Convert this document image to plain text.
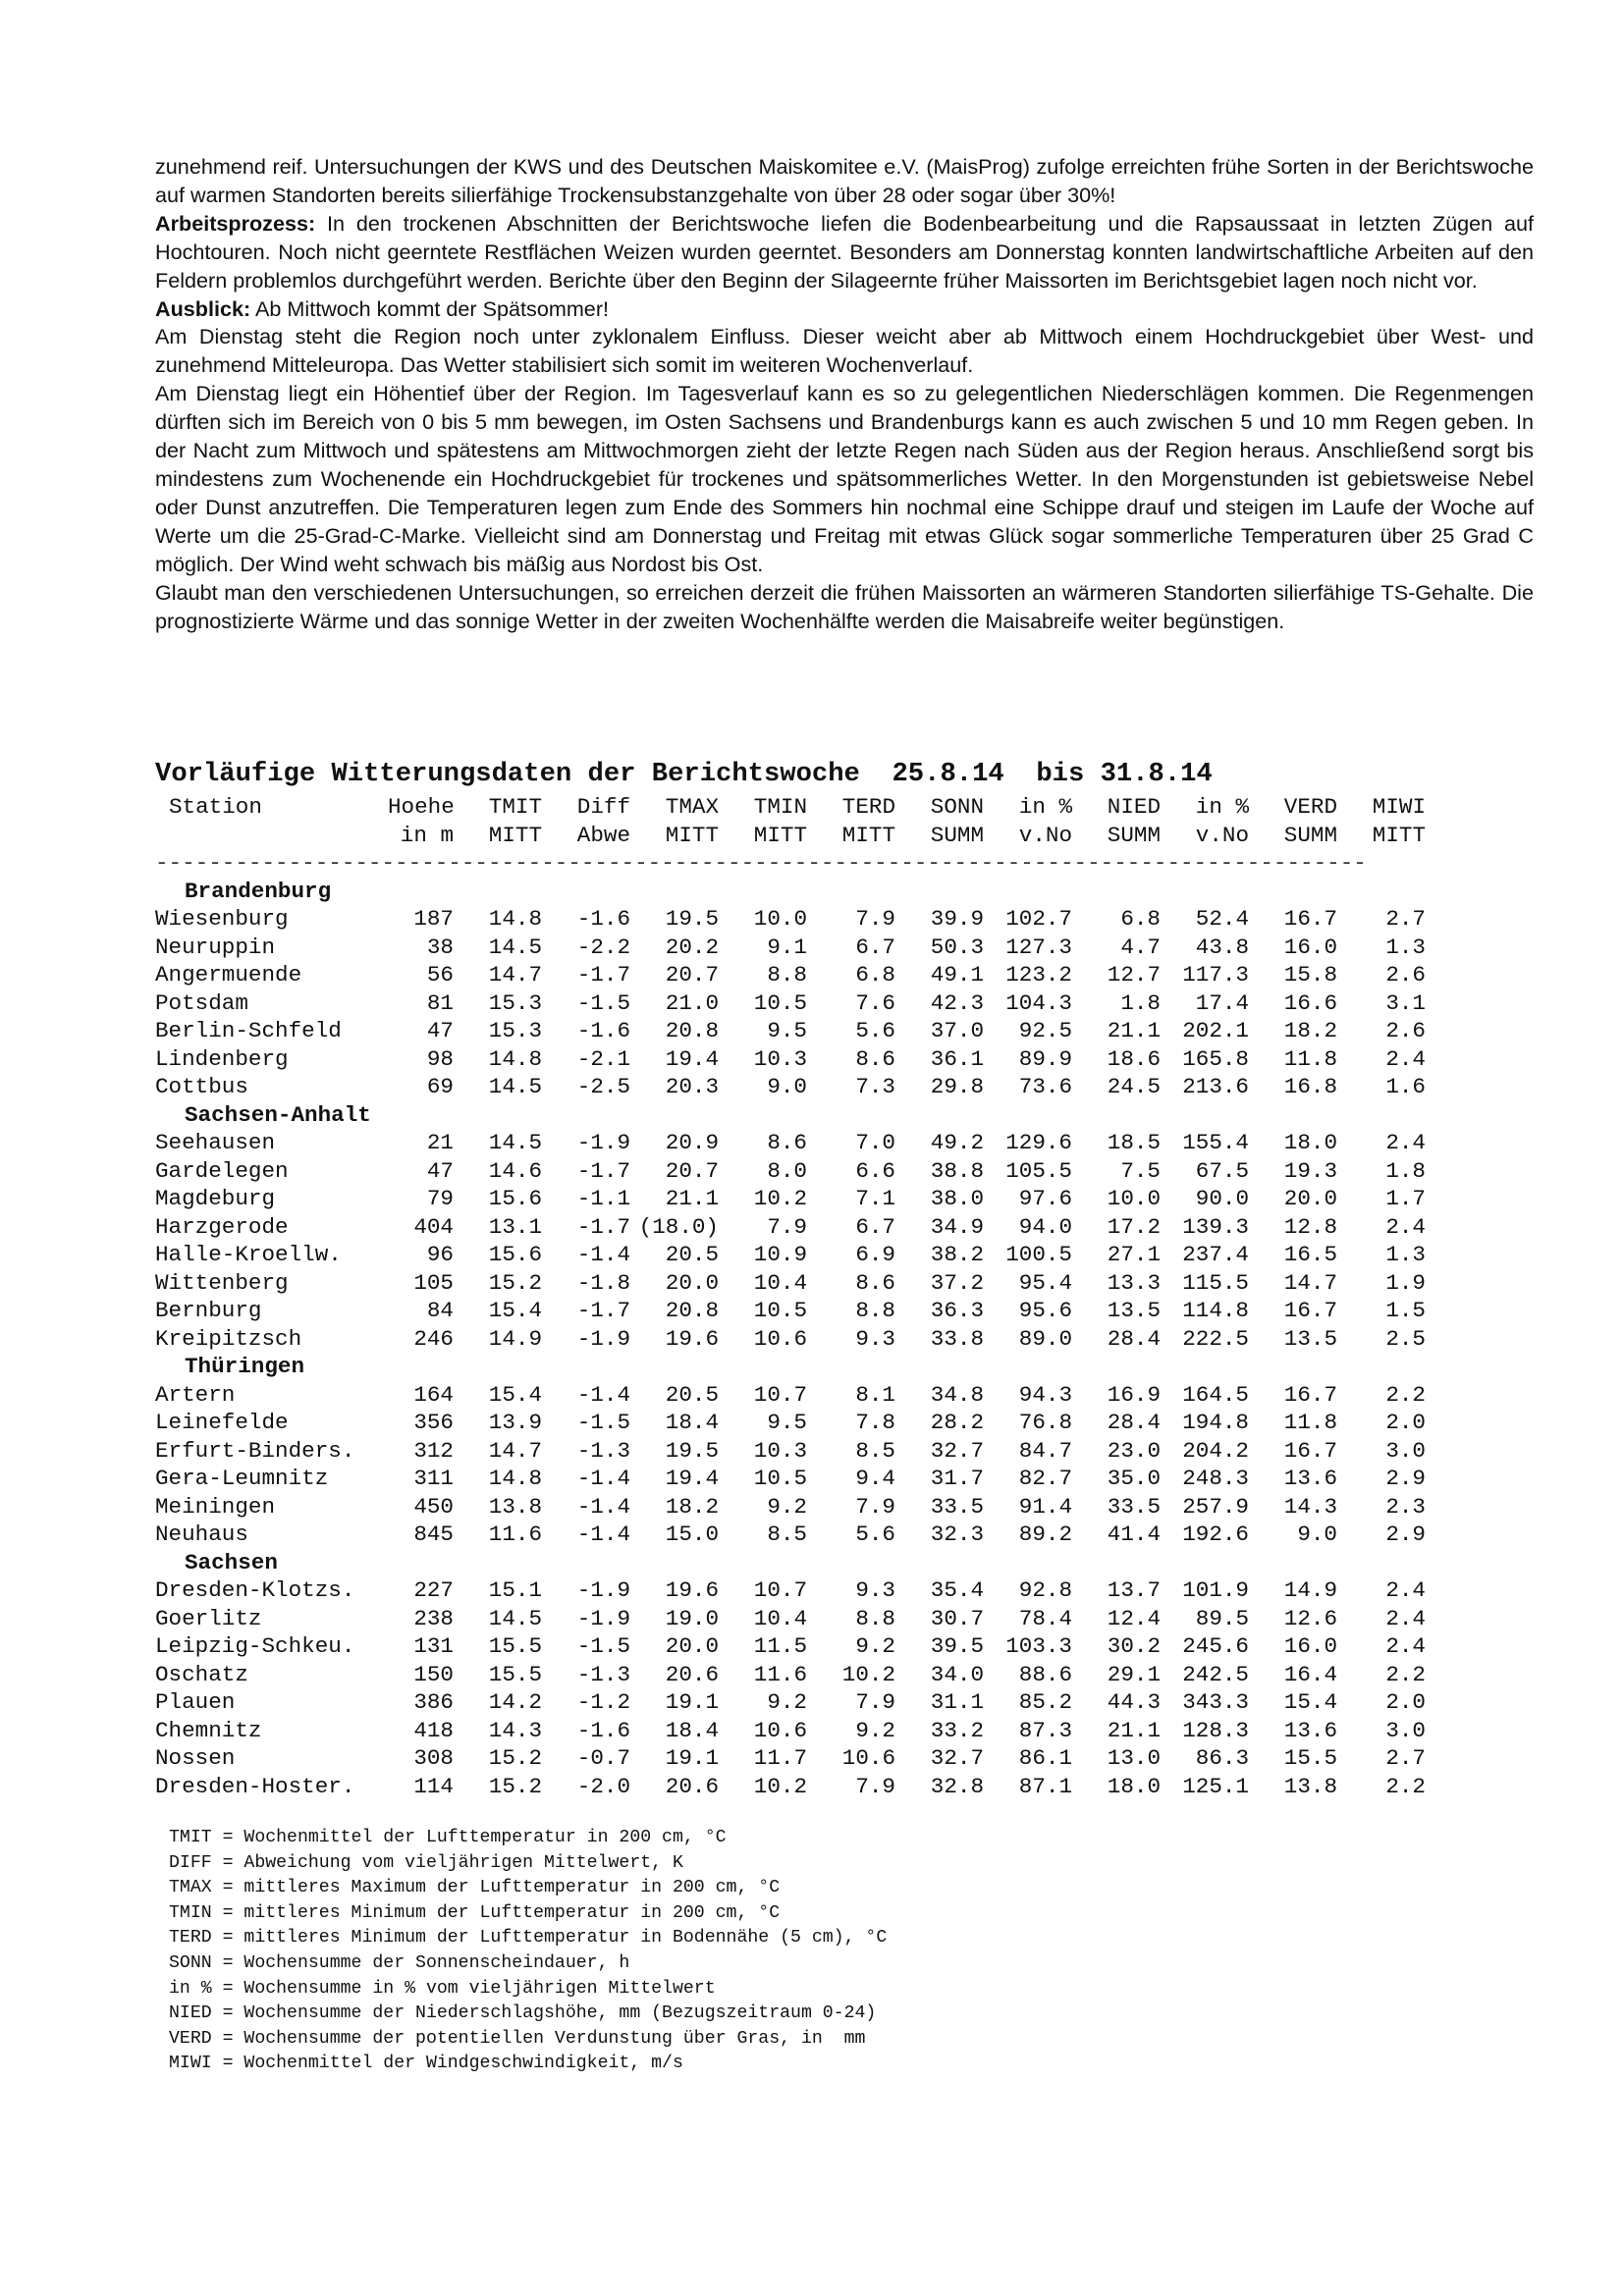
zunehmend reif. Untersuchungen der KWS und des Deutschen Maiskomitee e.V. (MaisProg) zufolge erreichten frühe Sorten in der Berichtswoche auf warmen Standorten bereits silierfähige Trockensubstanzgehalte von über 28 oder sogar über 30%!

Arbeitsprozess: In den trockenen Abschnitten der Berichtswoche liefen die Bodenbearbeitung und die Rapsaussaat in letzten Zügen auf Hochtouren. Noch nicht geerntete Restflächen Weizen wurden geerntet. Besonders am Donnerstag konnten landwirtschaftliche Arbeiten auf den Feldern problemlos durchgeführt werden. Berichte über den Beginn der Silageernte früher Maissorten im Berichtsgebiet lagen noch nicht vor.

Ausblick: Ab Mittwoch kommt der Spätsommer!

Am Dienstag steht die Region noch unter zyklonalem Einfluss. Dieser weicht aber ab Mittwoch einem Hochdruckgebiet über West- und zunehmend Mitteleuropa. Das Wetter stabilisiert sich somit im weiteren Wochenverlauf.

Am Dienstag liegt ein Höhentief über der Region. Im Tagesverlauf kann es so zu gelegentlichen Niederschlägen kommen. Die Regenmengen dürften sich im Bereich von 0 bis 5 mm bewegen, im Osten Sachsens und Brandenburgs kann es auch zwischen 5 und 10 mm Regen geben. In der Nacht zum Mittwoch und spätestens am Mittwochmorgen zieht der letzte Regen nach Süden aus der Region heraus. Anschließend sorgt bis mindestens zum Wochenende ein Hochdruckgebiet für trockenes und spätsommerliches Wetter. In den Morgenstunden ist gebietsweise Nebel oder Dunst anzutreffen. Die Temperaturen legen zum Ende des Sommers hin nochmal eine Schippe drauf und steigen im Laufe der Woche auf Werte um die 25-Grad-C-Marke. Vielleicht sind am Donnerstag und Freitag mit etwas Glück sogar sommerliche Temperaturen über 25 Grad C möglich. Der Wind weht schwach bis mäßig aus Nordost bis Ost.

Glaubt man den verschiedenen Untersuchungen, so erreichen derzeit die frühen Maissorten an wärmeren Standorten silierfähige TS-Gehalte. Die prognostizierte Wärme und das sonnige Wetter in der zweiten Wochenhälfte werden die Maisabreife weiter begünstigen.

Vorläufige Witterungsdaten der Berichtswoche  25.8.14  bis 31.8.14
Station	Hoehe	TMIT	Diff	TMAX	TMIN	TERD	SONN	in %	NIED	in %	VERD	MIWI
in m	MITT	Abwe	MITT	MITT	MITT	SUMM	v.No	SUMM	v.No	SUMM	MITT
-------------------------------------------------------------------------------------------
Brandenburg
Wiesenburg	187	14.8	-1.6	19.5	10.0	7.9	39.9 102.7	6.8	52.4	16.7	2.7
Neuruppin	38	14.5	-2.2	20.2	9.1	6.7	50.3 127.3	4.7	43.8	16.0	1.3
Angermuende	56	14.7	-1.7	20.7	8.8	6.8	49.1 123.2	12.7 117.3	15.8	2.6
Potsdam	81	15.3	-1.5	21.0	10.5	7.6	42.3 104.3	1.8	17.4	16.6	3.1
Berlin-Schfeld	47	15.3	-1.6	20.8	9.5	5.6	37.0	92.5	21.1 202.1	18.2	2.6
Lindenberg	98	14.8	-2.1	19.4	10.3	8.6	36.1	89.9	18.6 165.8	11.8	2.4
Cottbus	69	14.5	-2.5	20.3	9.0	7.3	29.8	73.6	24.5 213.6	16.8	1.6
Sachsen-Anhalt
Seehausen	21	14.5	-1.9	20.9	8.6	7.0	49.2 129.6	18.5 155.4	18.0	2.4
Gardelegen	47	14.6	-1.7	20.7	8.0	6.6	38.8 105.5	7.5	67.5	19.3	1.8
Magdeburg	79	15.6	-1.1	21.1	10.2	7.1	38.0	97.6	10.0	90.0	20.0	1.7
Harzgerode	404	13.1	-1.7 (18.0)	7.9	6.7	34.9	94.0	17.2 139.3	12.8	2.4
Halle-Kroellw.	96	15.6	-1.4	20.5	10.9	6.9	38.2 100.5	27.1 237.4	16.5	1.3
Wittenberg	105	15.2	-1.8	20.0	10.4	8.6	37.2	95.4	13.3 115.5	14.7	1.9
Bernburg	84	15.4	-1.7	20.8	10.5	8.8	36.3	95.6	13.5 114.8	16.7	1.5
Kreipitzsch	246	14.9	-1.9	19.6	10.6	9.3	33.8	89.0	28.4 222.5	13.5	2.5
Thüringen
Artern	164	15.4	-1.4	20.5	10.7	8.1	34.8	94.3	16.9 164.5	16.7	2.2
Leinefelde	356	13.9	-1.5	18.4	9.5	7.8	28.2	76.8	28.4 194.8	11.8	2.0
Erfurt-Binders.	312	14.7	-1.3	19.5	10.3	8.5	32.7	84.7	23.0 204.2	16.7	3.0
Gera-Leumnitz	311	14.8	-1.4	19.4	10.5	9.4	31.7	82.7	35.0 248.3	13.6	2.9
Meiningen	450	13.8	-1.4	18.2	9.2	7.9	33.5	91.4	33.5 257.9	14.3	2.3
Neuhaus	845	11.6	-1.4	15.0	8.5	5.6	32.3	89.2	41.4 192.6	9.0	2.9
Sachsen
Dresden-Klotzs.	227	15.1	-1.9	19.6	10.7	9.3	35.4	92.8	13.7 101.9	14.9	2.4
Goerlitz	238	14.5	-1.9	19.0	10.4	8.8	30.7	78.4	12.4	89.5	12.6	2.4
Leipzig-Schkeu.	131	15.5	-1.5	20.0	11.5	9.2	39.5 103.3	30.2 245.6	16.0	2.4
Oschatz	150	15.5	-1.3	20.6	11.6	10.2	34.0	88.6	29.1 242.5	16.4	2.2
Plauen	386	14.2	-1.2	19.1	9.2	7.9	31.1	85.2	44.3 343.3	15.4	2.0
Chemnitz	418	14.3	-1.6	18.4	10.6	9.2	33.2	87.3	21.1 128.3	13.6	3.0
Nossen	308	15.2	-0.7	19.1	11.7	10.6	32.7	86.1	13.0	86.3	15.5	2.7
Dresden-Hoster.	114	15.2	-2.0	20.6	10.2	7.9	32.8	87.1	18.0 125.1	13.8	2.2
TMIT = Wochenmittel der Lufttemperatur in 200 cm, °C
DIFF = Abweichung vom vieljährigen Mittelwert, K
TMAX = mittleres Maximum der Lufttemperatur in 200 cm, °C
TMIN = mittleres Minimum der Lufttemperatur in 200 cm, °C
TERD = mittleres Minimum der Lufttemperatur in Bodennähe (5 cm), °C
SONN = Wochensumme der Sonnenscheindauer, h
in % = Wochensumme in % vom vieljährigen Mittelwert
NIED = Wochensumme der Niederschlagshöhe, mm (Bezugszeitraum 0-24)
VERD = Wochensumme der potentiellen Verdunstung über Gras, in  mm
MIWI = Wochenmittel der Windgeschwindigkeit, m/s
